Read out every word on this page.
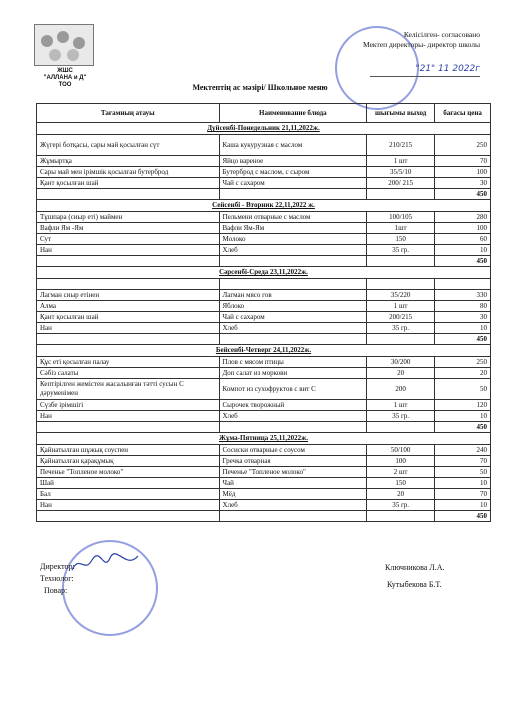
ЖШС
"АЛЛАНА и Д"
ТОО
Келісілген- согласовано
Мектеп директоры- директор школы
"21" 11 2022г
Мектептің ас мәзірі/ Школьное меню
Тағамның атауы	Наименование блюда	шығымы выход	бағасы цена
Дүйсенбі-Понедельник 21,11,2022ж.			
Жүгері ботқасы, сары май қосылған сүт	Каша кукурузная с маслом	210/215	250
Жұмыртқа	Яйцо вареное	1 шт	70
Сары май мен ірімшік қосылған бутерброд	Бутерброд с маслом, с сыром	35/5/10	100
Қант қосылған шай	Чай с сахаром	200/ 215	30
			450
Сейсенбі - Вторник 22,11,2022 ж.			
Тұшпара (сиыр еті) маймен	Пельмени отварные с маслом	100/105	280
Вафли Ям -Ям	Вафли Ям-Ям	1шт	100
Сут	Молоко	150	60
Нан	Хлеб	35 гр.	10
			450
Сәрсенбі-Среда 23,11,2022ж.			

Лагман сиыр етінен	Лагман мясо гов	35/220	330
Алма	Яблоко	1 шт	80
Қант қосылған шай	Чай с сахаром	200/215	30
Нан	Хлеб	35 гр.	10
			450
Бейсенбі-Четверг 24,11,2022ж.			
Құс еті қосылған палау	Плов с мясом птицы	30/200	250
Сәбіз салаты	Доп салат из моркови	20	20
Кептірілген жемістен жасалынған тәтті сусын С дәруменімен	Компот из сухофруктов с вит С	200	50
Сүзбе ірімшігі	Сырочек творожный	1 шт	120
Нан	Хлеб	35 гр.	10
			450
Жұма-Пятница 25,11,2022ж.			
Қайнатылған шұжық соуспен	Сосиски отварные с соусом	50/100	240
Қайнатылған қарақұмық	Гречка отварная	100	70
Печенье "Топленое молоко"	Печенье "Топленое молоко"	2 шт	50
Шай	Чай	150	10
Бал	Мёд	20	70
Нан	Хлеб	35 гр.	10
			450
Директор:
Технолог:
Повар:
Ключникова Л.А.
Кутыбекова Б.Т.
